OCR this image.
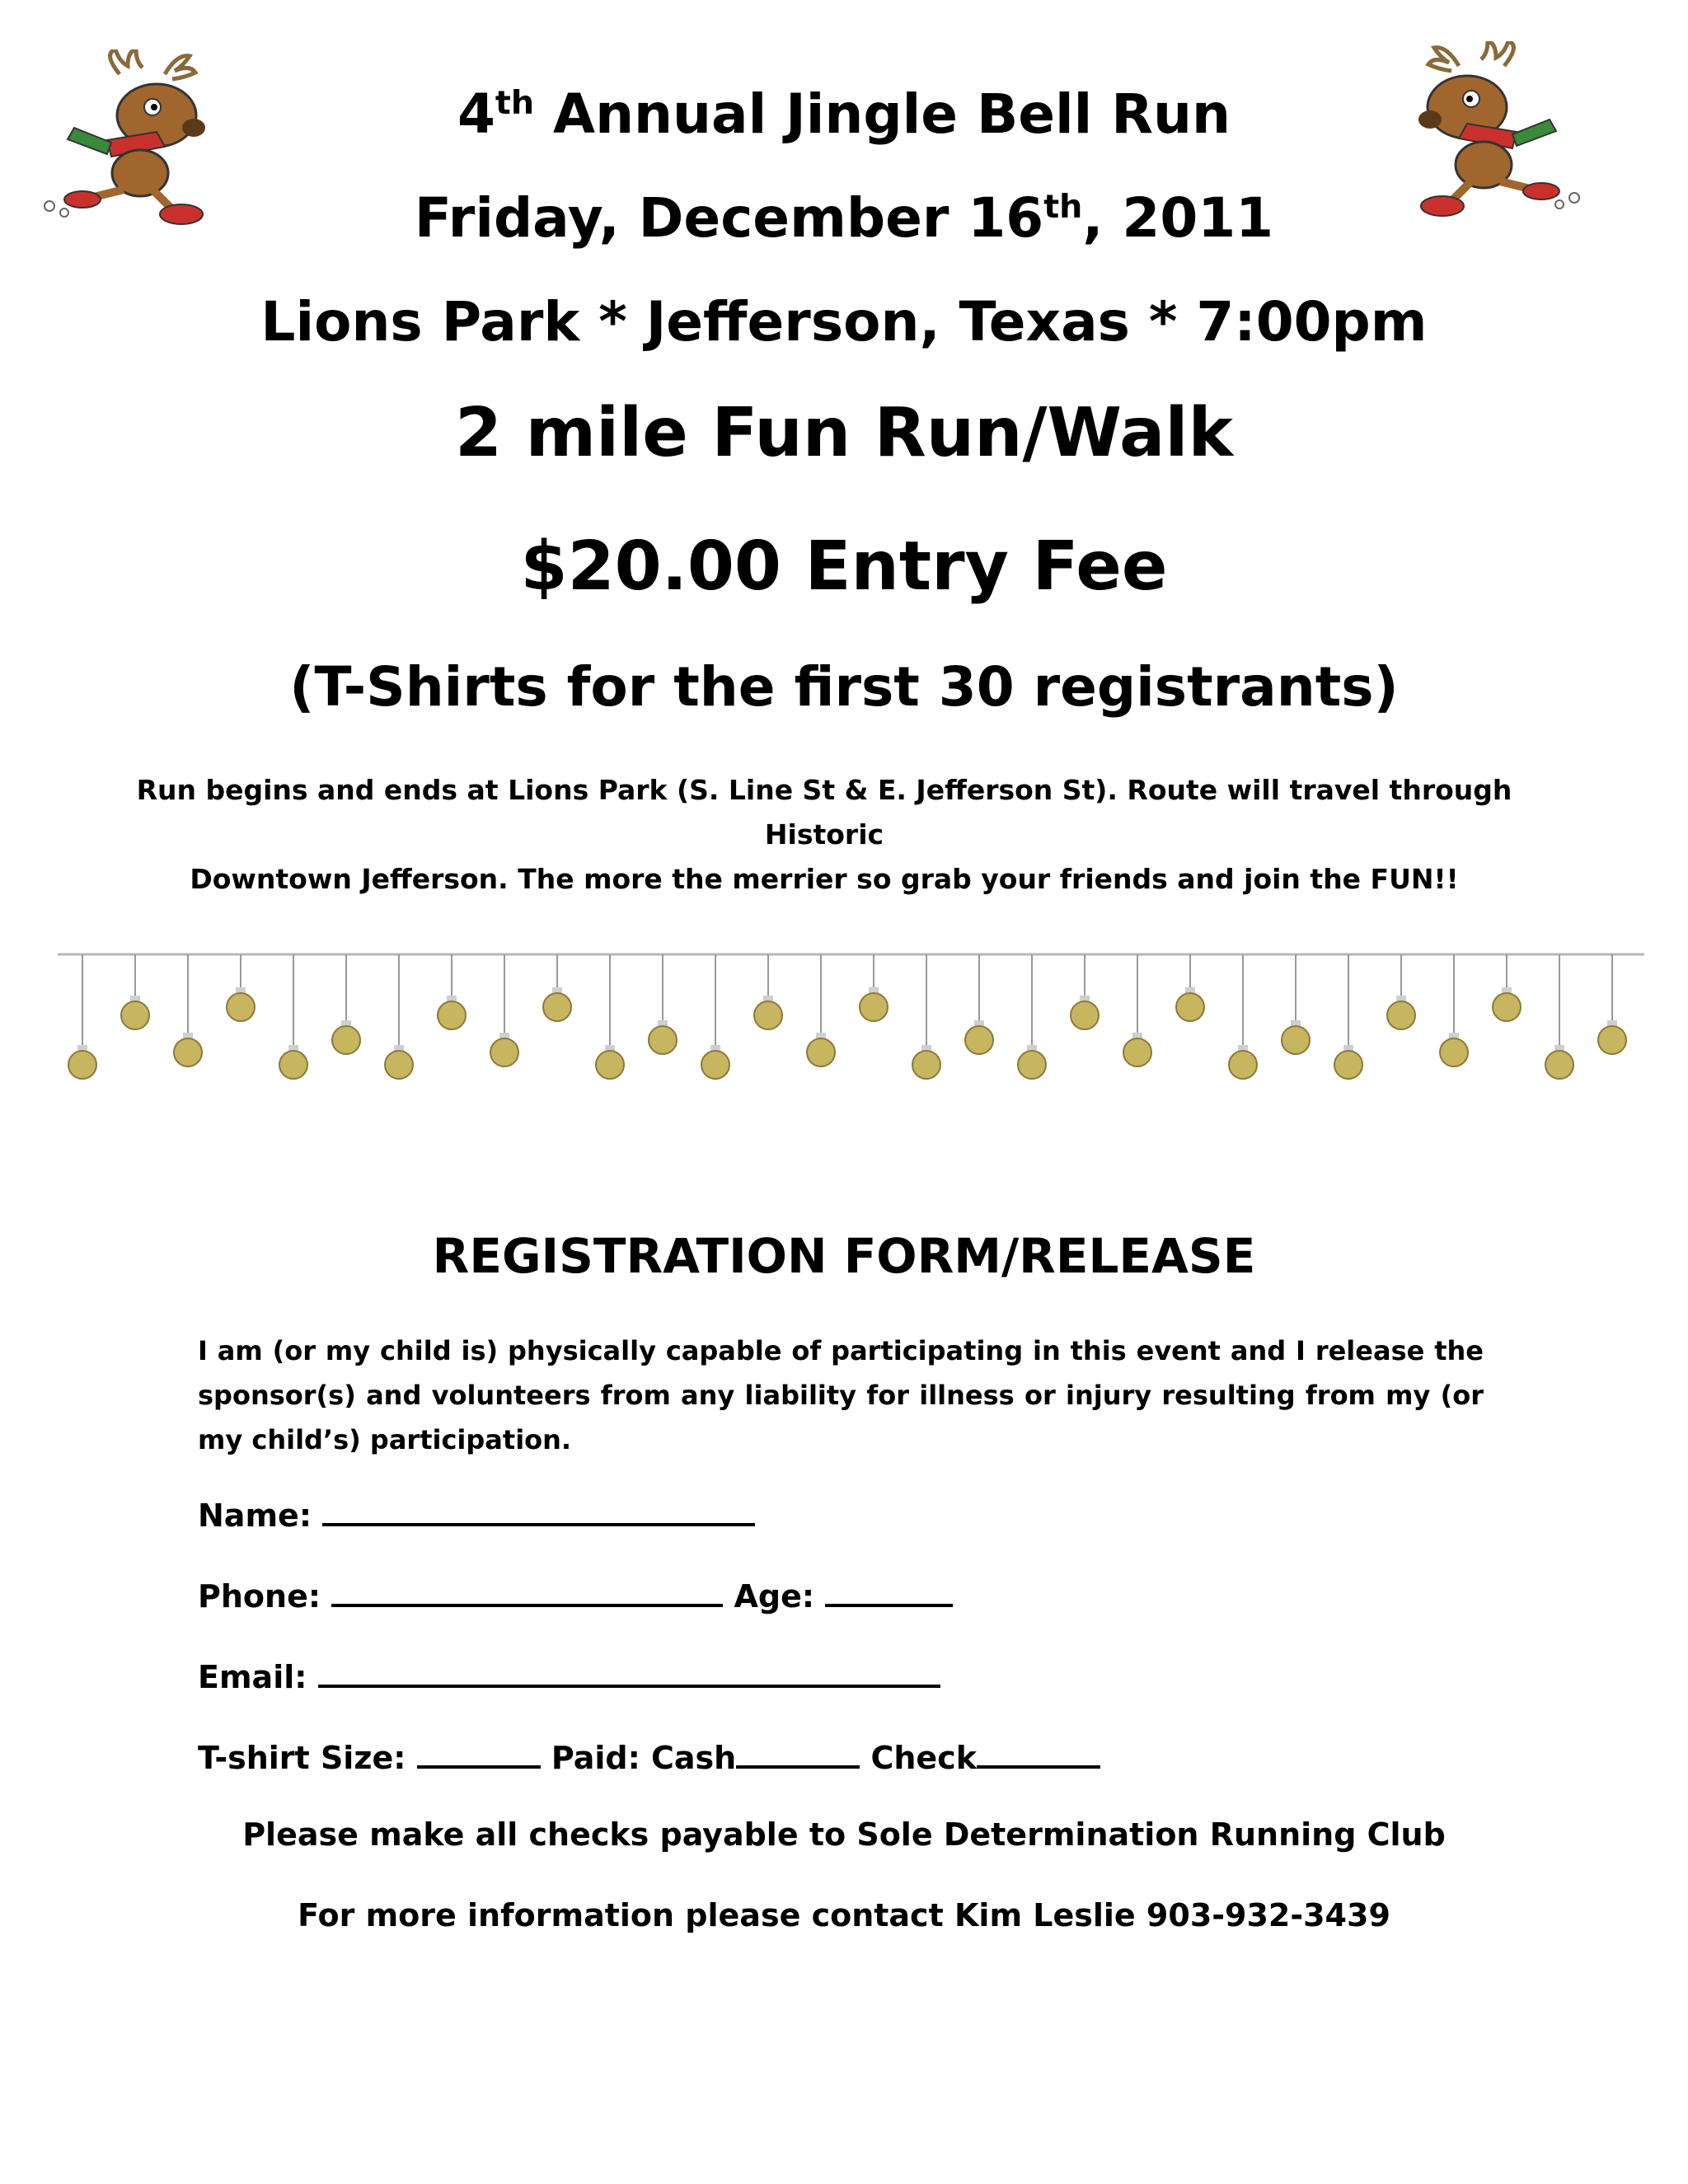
4th Annual Jingle Bell Run
Friday, December 16th, 2011
Lions Park * Jefferson, Texas * 7:00pm
2 mile Fun Run/Walk
$20.00 Entry Fee
(T-Shirts for the first 30 registrants)
Run begins and ends at Lions Park (S. Line St & E. Jefferson St). Route will travel through Historic
Downtown Jefferson. The more the merrier so grab your friends and join the FUN!!
REGISTRATION FORM/RELEASE
I am (or my child is) physically capable of participating in this event and I release the sponsor(s) and volunteers from any liability for illness or injury resulting from my (or my child’s) participation.
Name:
Phone:	Age:
Email:
T-shirt Size:	Paid: Cash	Check
Please make all checks payable to Sole Determination Running Club
For more information please contact Kim Leslie 903-932-3439
